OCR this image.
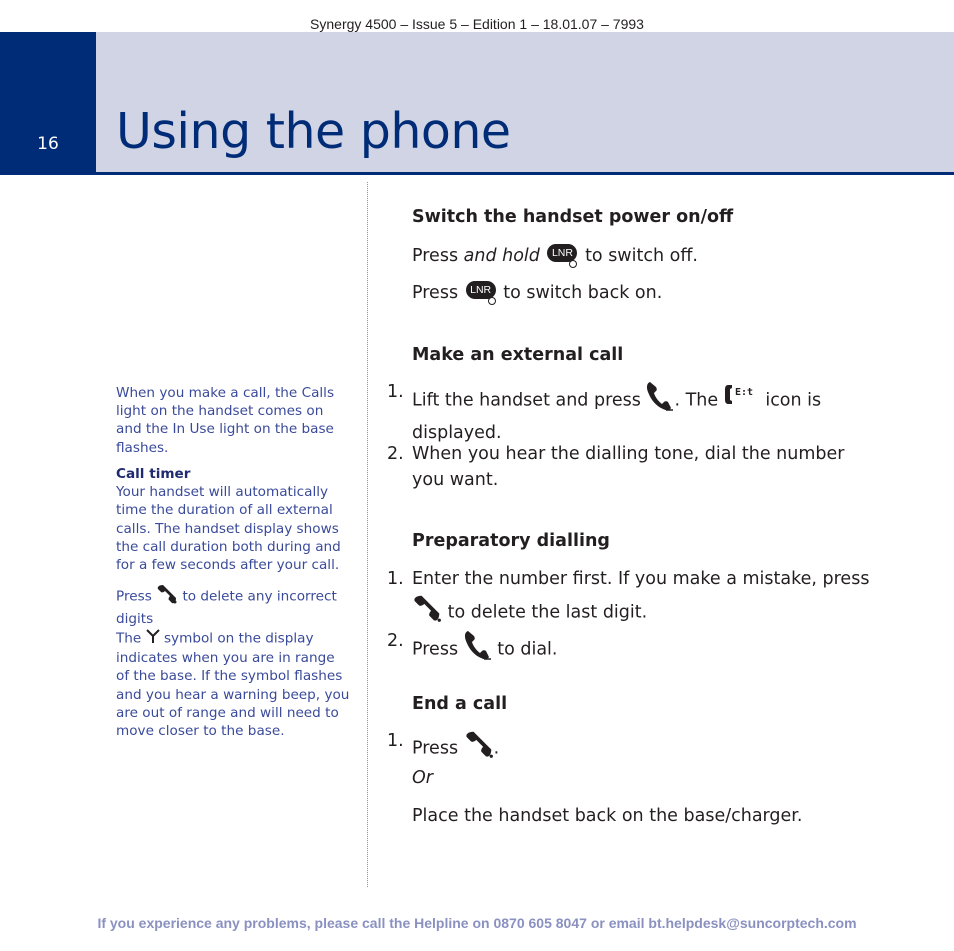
Synergy 4500 – Issue 5 – Edition 1 – 18.01.07 – 7993
16	Using the phone
When you make a call, the Calls light on the handset comes on and the In Use light on the base flashes.
Call timer
Your handset will automatically time the duration of all external calls. The handset display shows the call duration both during and for a few seconds after your call.
Press to delete any incorrect digits
The symbol on the display indicates when you are in range of the base. If the symbol flashes and you hear a warning beep, you are out of range and will need to move closer to the base.
Switch the handset power on/off
Press and hold	LNR to switch off.
Press	LNR to switch back on.
Make an external call
1. Lift the handset and press . The E:t icon is displayed.
2. When you hear the dialling tone, dial the number you want.
Preparatory dialling
1. Enter the number first. If you make a mistake, press  to delete the last digit.
2. Press to dial.
End a call
1. Press .
Or
Place the handset back on the base/charger.
If you experience any problems, please call the Helpline on 0870 605 8047 or email bt.helpdesk@suncorptech.com
